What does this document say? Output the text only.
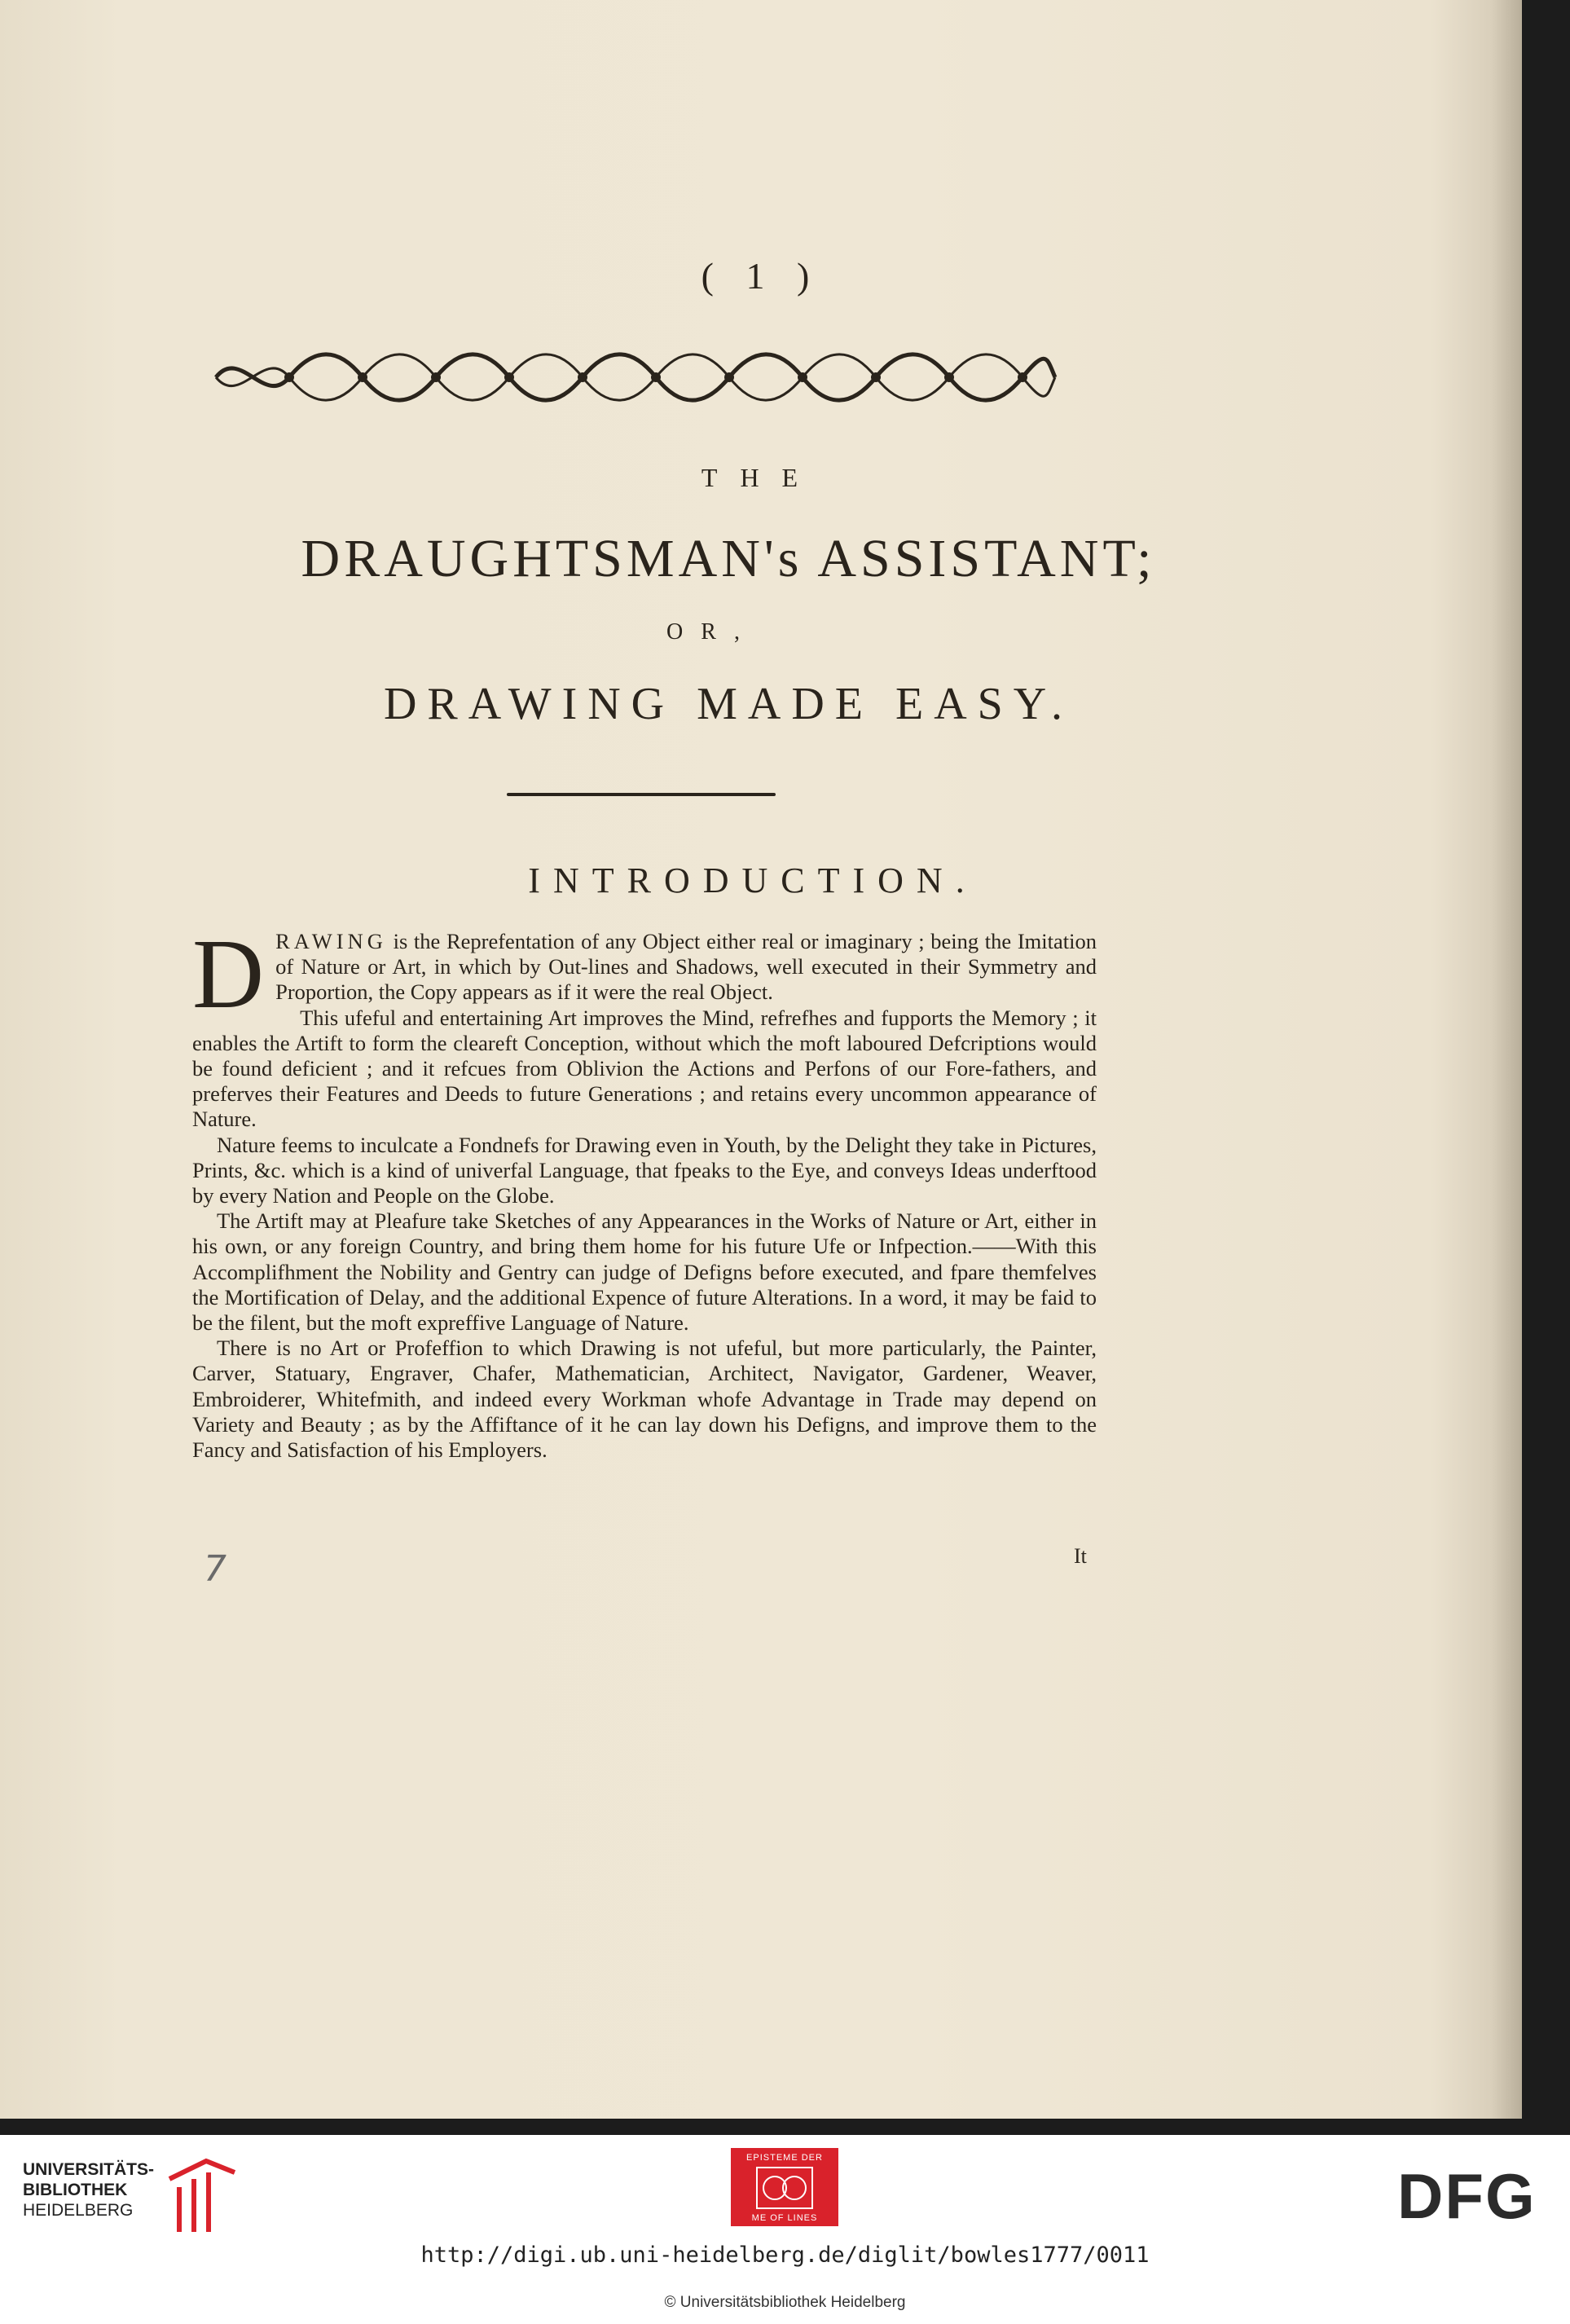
( 1 )
THE
DRAUGHTSMAN's ASSISTANT;
OR,
DRAWING MADE EASY.
INTRODUCTION.

DRAWING is the Reprefentation of any Object either real or imaginary ; being the Imitation of Nature or Art, in which by Out-lines and Shadows, well executed in their Symmetry and Proportion, the Copy appears as if it were the real Object.

This ufeful and entertaining Art improves the Mind, refrefhes and fupports the Memory ; it enables the Artift to form the cleareft Conception, without which the moft laboured Defcriptions would be found deficient ; and it refcues from Oblivion the Actions and Perfons of our Fore-fathers, and preferves their Features and Deeds to future Generations ; and retains every uncommon appearance of Nature.

Nature feems to inculcate a Fondnefs for Drawing even in Youth, by the Delight they take in Pictures, Prints, &c. which is a kind of univerfal Language, that fpeaks to the Eye, and conveys Ideas underftood by every Nation and People on the Globe.

The Artift may at Pleafure take Sketches of any Appearances in the Works of Nature or Art, either in his own, or any foreign Country, and bring them home for his future Ufe or Infpection.——With this Accomplifhment the Nobility and Gentry can judge of Defigns before executed, and fpare themfelves the Mortification of Delay, and the additional Expence of future Alterations. In a word, it may be faid to be the filent, but the moft expreffive Language of Nature.

There is no Art or Profeffion to which Drawing is not ufeful, but more particularly, the Painter, Carver, Statuary, Engraver, Chafer, Mathematician, Architect, Navigator, Gardener, Weaver, Embroiderer, Whitefmith, and indeed every Workman whofe Advantage in Trade may depend on Variety and Beauty ; as by the Affiftance of it he can lay down his Defigns, and improve them to the Fancy and Satisfaction of his Employers.

7	It
UNIVERSITÄTS-
BIBLIOTHEK
HEIDELBERG
EPISTEME DER
ME OF LINES	DFG
http://digi.ub.uni-heidelberg.de/diglit/bowles1777/0011
© Universitätsbibliothek Heidelberg
